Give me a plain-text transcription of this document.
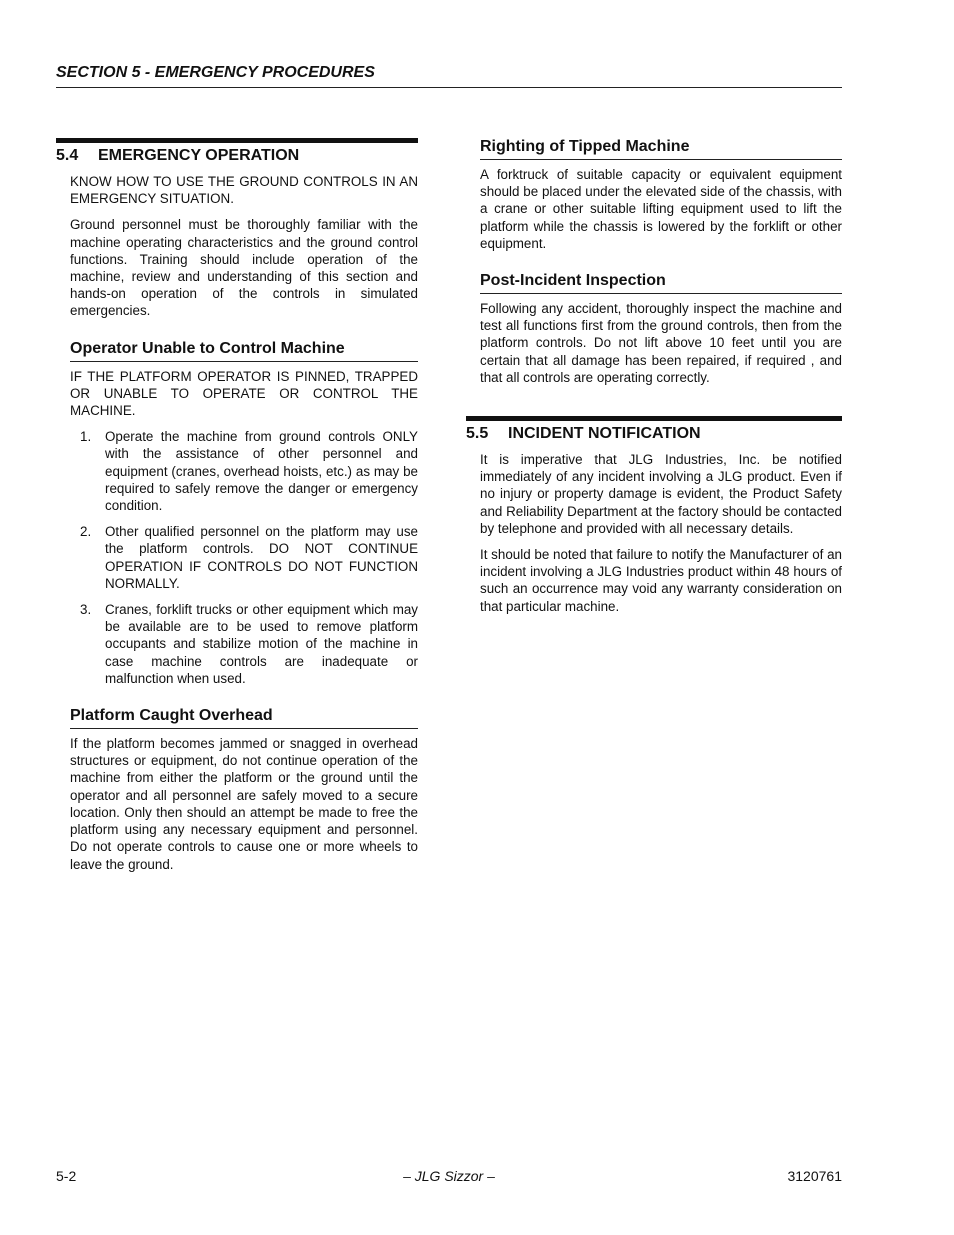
SECTION 5 - EMERGENCY PROCEDURES
5.4 EMERGENCY OPERATION

KNOW HOW TO USE THE GROUND CONTROLS IN AN EMERGENCY SITUATION.

Ground personnel must be thoroughly familiar with the machine operating characteristics and the ground control functions. Training should include operation of the machine, review and understanding of this section and hands-on operation of the controls in simulated emergencies.

Operator Unable to Control Machine

IF THE PLATFORM OPERATOR IS PINNED, TRAPPED OR UNABLE TO OPERATE OR CONTROL THE MACHINE.

1. Operate the machine from ground controls ONLY with the assistance of other personnel and equipment (cranes, overhead hoists, etc.) as may be required to safely remove the danger or emergency condition.
2. Other qualified personnel on the platform may use the platform controls. DO NOT CONTINUE OPERATION IF CONTROLS DO NOT FUNCTION NORMALLY.
3. Cranes, forklift trucks or other equipment which may be available are to be used to remove platform occupants and stabilize motion of the machine in case machine controls are inadequate or malfunction when used.
Platform Caught Overhead

If the platform becomes jammed or snagged in overhead structures or equipment, do not continue operation of the machine from either the platform or the ground until the operator and all personnel are safely moved to a secure location. Only then should an attempt be made to free the platform using any necessary equipment and personnel. Do not operate controls to cause one or more wheels to leave the ground.

Righting of Tipped Machine

A forktruck of suitable capacity or equivalent equipment should be placed under the elevated side of the chassis, with a crane or other suitable lifting equipment used to lift the platform while the chassis is lowered by the forklift or other equipment.

Post-Incident Inspection

Following any accident, thoroughly inspect the machine and test all functions first from the ground controls, then from the platform controls. Do not lift above 10 feet until you are certain that all damage has been repaired, if required , and that all controls are operating correctly.

5.5 INCIDENT NOTIFICATION

It is imperative that JLG Industries, Inc. be notified immediately of any incident involving a JLG product. Even if no injury or property damage is evident, the Product Safety and Reliability Department at the factory should be contacted by telephone and provided with all necessary details.

It should be noted that failure to notify the Manufacturer of an incident involving a JLG Industries product within 48 hours of such an occurrence may void any warranty consideration on that particular machine.

5-2	– JLG Sizzor –	3120761
